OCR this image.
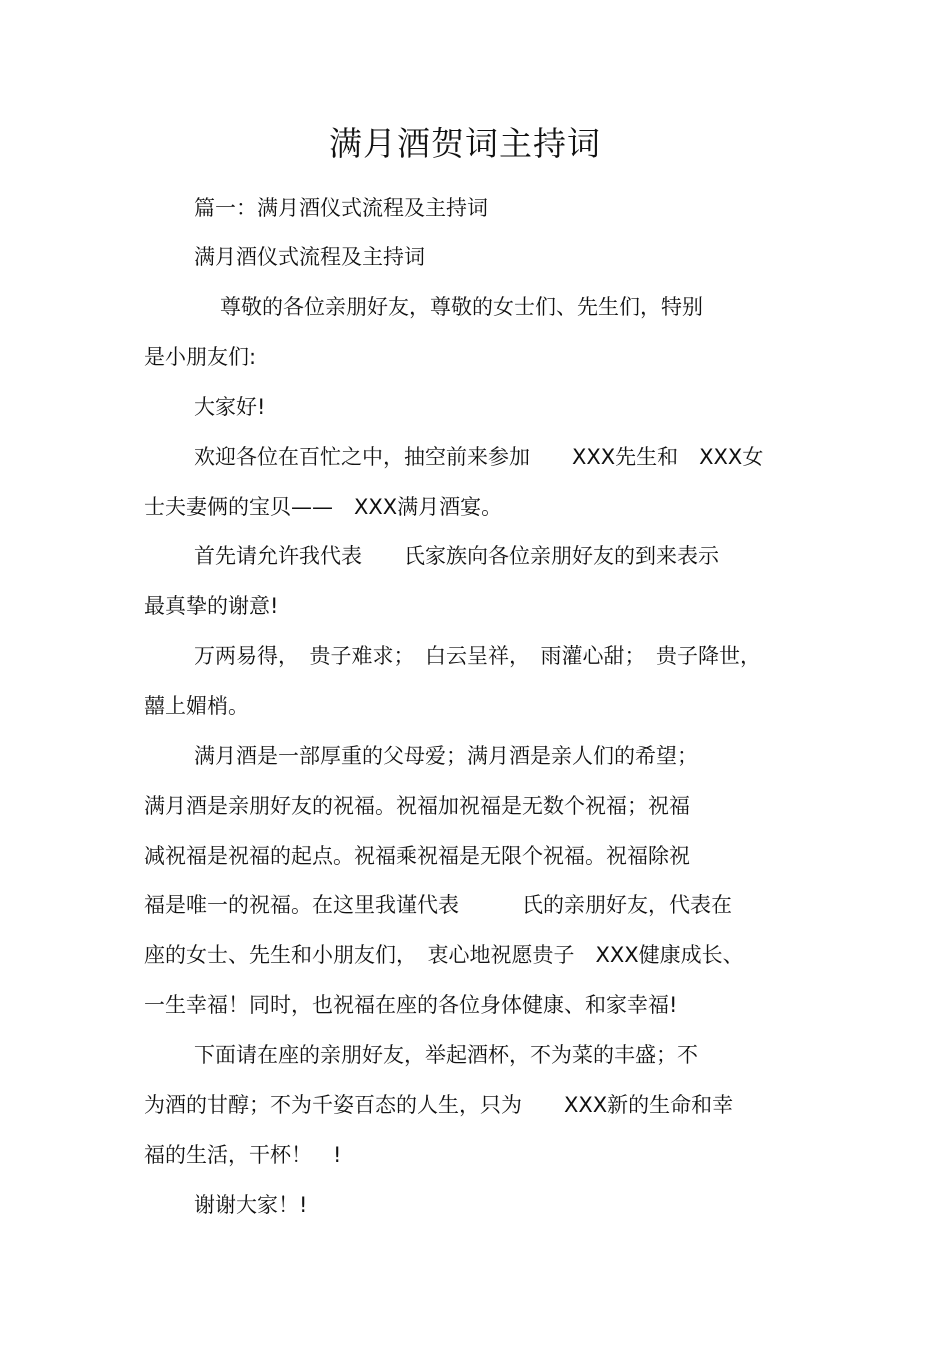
满月酒贺词主持词
篇一：满月酒仪式流程及主持词
满月酒仪式流程及主持词
尊敬的各位亲朋好友，尊敬的女士们、先生们，特别
是小朋友们:
大家好!
欢迎各位在百忙之中，抽空前来参加　　XXX先生和　XXX女
士夫妻俩的宝贝——　XXX满月酒宴。
首先请允许我代表　　氏家族向各位亲朋好友的到来表示
最真挚的谢意!
万两易得，　贵子难求；　白云呈祥，　雨灌心甜；　贵子降世，
囍上媚梢。
满月酒是一部厚重的父母爱；满月酒是亲人们的希望；
满月酒是亲朋好友的祝福。祝福加祝福是无数个祝福；祝福
减祝福是祝福的起点。祝福乘祝福是无限个祝福。祝福除祝
福是唯一的祝福。在这里我谨代表　　　氏的亲朋好友，代表在
座的女士、先生和小朋友们，　衷心地祝愿贵子　XXX健康成长、
一生幸福！同时，也祝福在座的各位身体健康、和家幸福!
下面请在座的亲朋好友，举起酒杯，不为菜的丰盛；不
为酒的甘醇；不为千姿百态的人生，只为　　XXX新的生命和幸
福的生活，干杯！　!
谢谢大家！!
